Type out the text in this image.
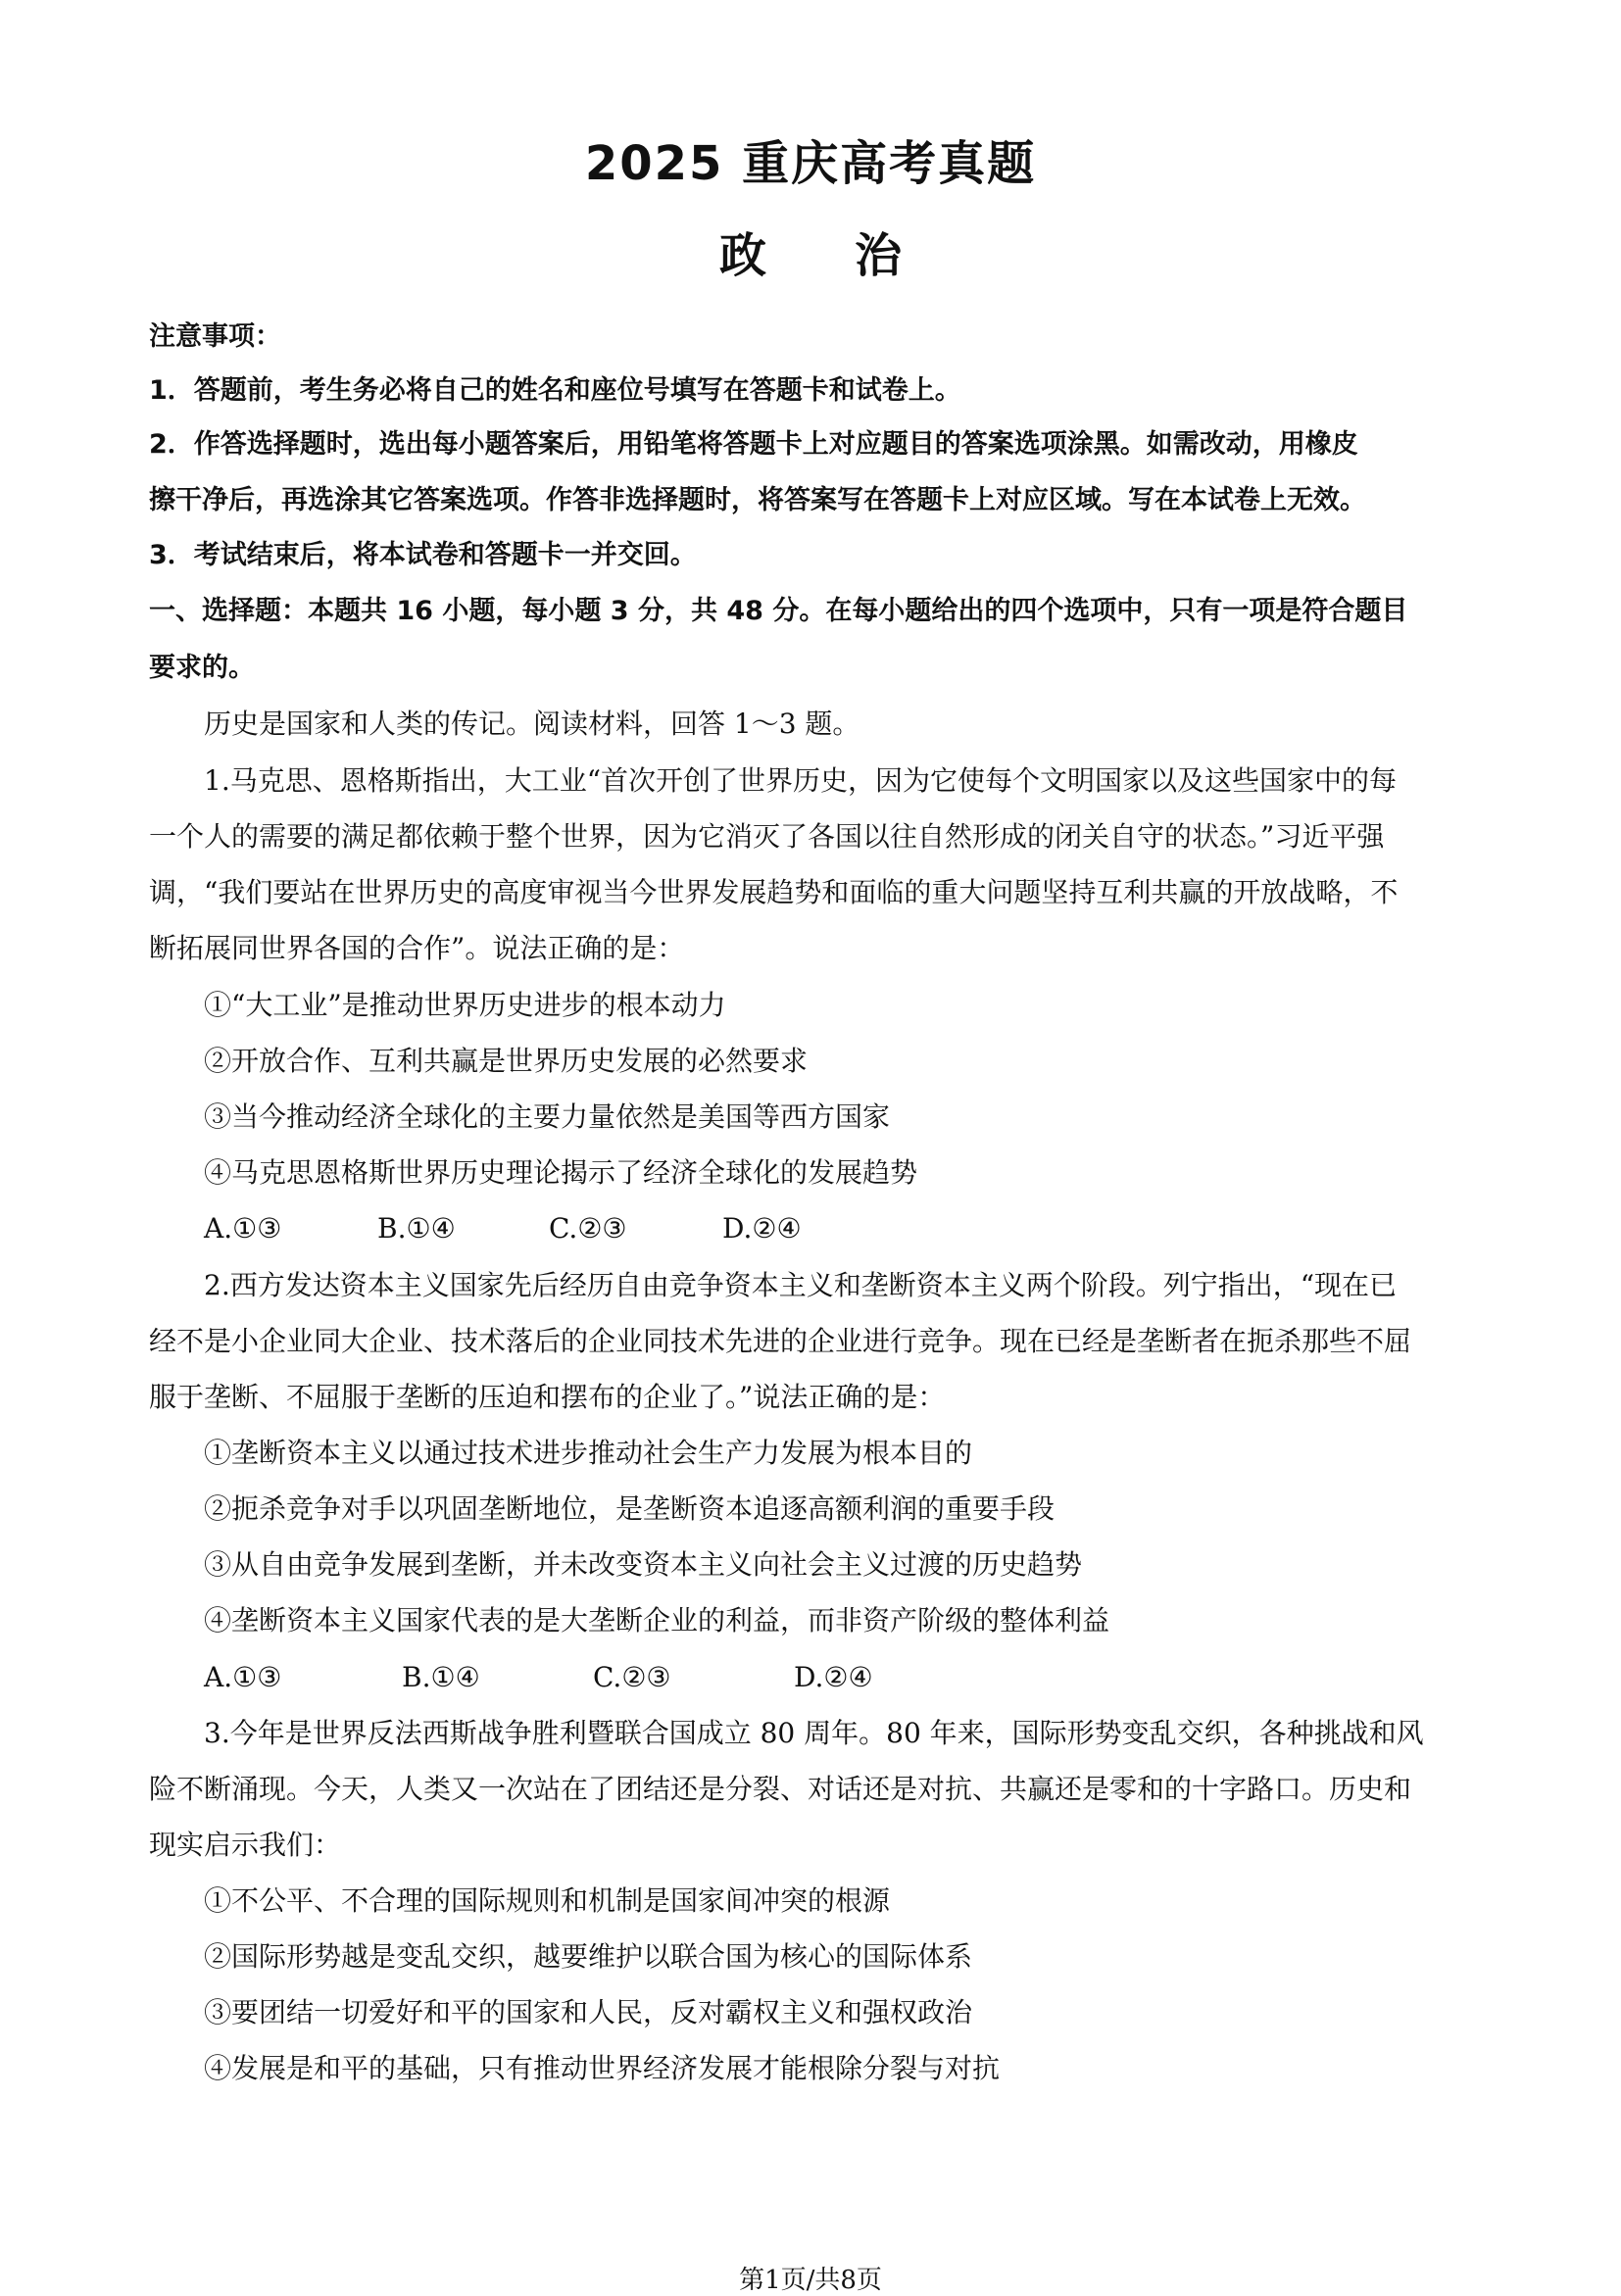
2025 重庆高考真题
政治
注意事项：
1．答题前，考生务必将自己的姓名和座位号填写在答题卡和试卷上。
2．作答选择题时，选出每小题答案后，用铅笔将答题卡上对应题目的答案选项涂黑。如需改动，用橡皮
擦干净后，再选涂其它答案选项。作答非选择题时，将答案写在答题卡上对应区域。写在本试卷上无效。
3．考试结束后，将本试卷和答题卡一并交回。
一、选择题：本题共 16 小题，每小题 3 分，共 48 分。在每小题给出的四个选项中，只有一项是符合题目
要求的。
历史是国家和人类的传记。阅读材料，回答 1～3 题。
1.马克思、恩格斯指出，大工业“首次开创了世界历史，因为它使每个文明国家以及这些国家中的每
一个人的需要的满足都依赖于整个世界，因为它消灭了各国以往自然形成的闭关自守的状态。”习近平强
调，“我们要站在世界历史的高度审视当今世界发展趋势和面临的重大问题坚持互利共赢的开放战略，不
断拓展同世界各国的合作”。说法正确的是：
①“大工业”是推动世界历史进步的根本动力
②开放合作、互利共赢是世界历史发展的必然要求
③当今推动经济全球化的主要力量依然是美国等西方国家
④马克思恩格斯世界历史理论揭示了经济全球化的发展趋势
A.①③	B.①④	C.②③	D.②④
2.西方发达资本主义国家先后经历自由竞争资本主义和垄断资本主义两个阶段。列宁指出，“现在已
经不是小企业同大企业、技术落后的企业同技术先进的企业进行竞争。现在已经是垄断者在扼杀那些不屈
服于垄断、不屈服于垄断的压迫和摆布的企业了。”说法正确的是：
①垄断资本主义以通过技术进步推动社会生产力发展为根本目的
②扼杀竞争对手以巩固垄断地位，是垄断资本追逐高额利润的重要手段
③从自由竞争发展到垄断，并未改变资本主义向社会主义过渡的历史趋势
④垄断资本主义国家代表的是大垄断企业的利益，而非资产阶级的整体利益
A.①③	B.①④	C.②③	D.②④
3.今年是世界反法西斯战争胜利暨联合国成立 80 周年。80 年来，国际形势变乱交织，各种挑战和风
险不断涌现。今天，人类又一次站在了团结还是分裂、对话还是对抗、共赢还是零和的十字路口。历史和
现实启示我们：
①不公平、不合理的国际规则和机制是国家间冲突的根源
②国际形势越是变乱交织，越要维护以联合国为核心的国际体系
③要团结一切爱好和平的国家和人民，反对霸权主义和强权政治
④发展是和平的基础，只有推动世界经济发展才能根除分裂与对抗
第1页/共8页
